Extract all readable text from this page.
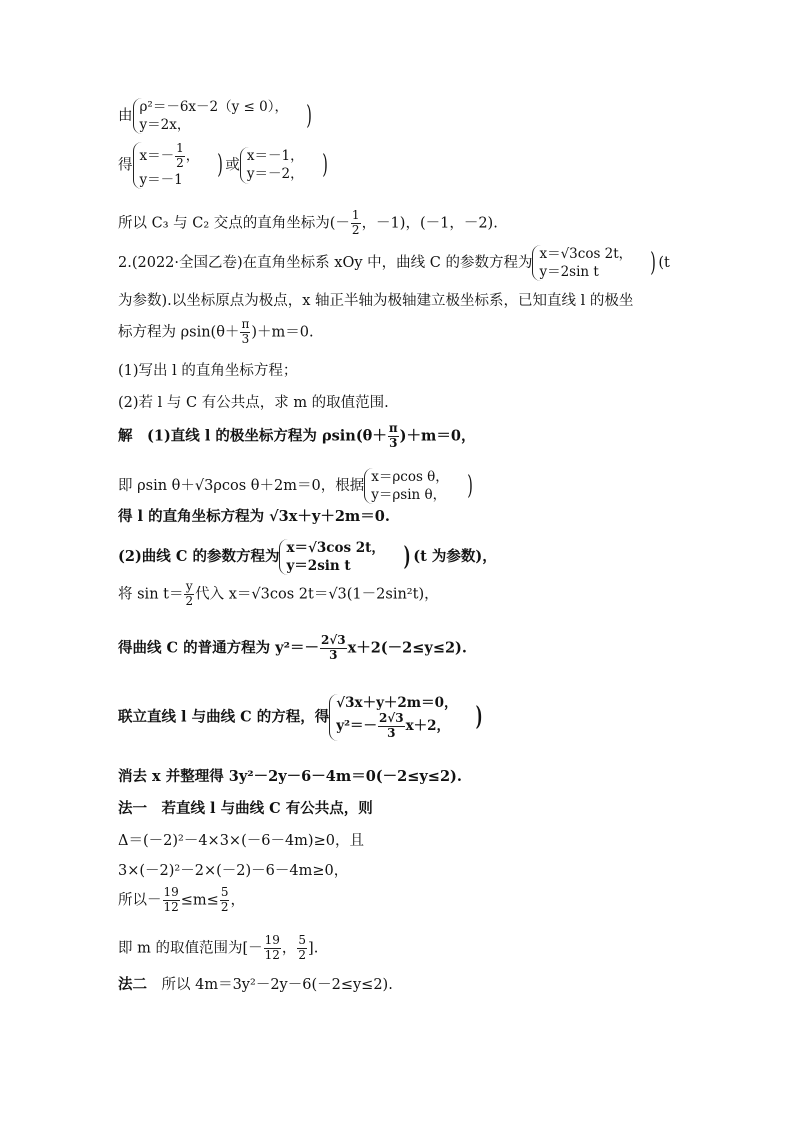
由
ρ²＝－6x－2（y ≤ 0），
y＝2x，	)
得
$x=- \frac{1}{2}$ ，
y＝－1	) 或
x＝－1，
y＝－2， )
所以 C₃ 与 C₂ 交点的直角坐标为(－ $\frac{1}{2}$ ，－1)，(－1，－2).
2.(2022·全国乙卷)在直角坐标系 xOy 中，曲线 C 的参数方程为
x＝√3cos 2t，
y＝2sin t	) (t
为参数).以坐标原点为极点，x 轴正半轴为极轴建立极坐标系，已知直线 l 的极坐
标方程为 $\rho\sin(\theta+ \frac{\pi}{3} )+m=0$.
(1)写出 l 的直角坐标方程；
(2)若 l 与 C 有公共点，求 m 的取值范围.
解　(1)直线 l 的极坐标方程为 $\rho\sin(\theta+ \frac{\pi}{3} )+m=0$，
即 ρsin θ＋√3ρcos θ＋2m＝0，根据
x＝ρcos θ，
y＝ρsin θ， )
得 l 的直角坐标方程为 √3x＋y＋2m＝0.
(2)曲线 C 的参数方程为
x＝√3cos 2t，
y＝2sin t	) (t 为参数)，
将 $\sin t= \frac{y}{2}$ 代入 x＝√3cos 2t＝√3(1－2sin²t)，
得曲线 C 的普通方程为 $y^2=- \frac{2√3}{3} x+2(-2\le y\le 2)$.
联立直线 l 与曲线 C 的方程，得
√3x＋y＋2m＝0，
$y^2=- \frac{2√3}{3} x+2$， )
消去 x 并整理得 3y²－2y－6－4m＝0(－2≤y≤2).
法一　若直线 l 与曲线 C 有公共点，则
Δ＝(－2)²－4×3×(－6－4m)≥0，且
3×(－2)²－2×(－2)－6－4m≥0，
所以－ $\frac{19}{12} \le m\le \frac{5}{2}$ ，
即 m 的取值范围为[－ $\frac{19}{12}$ ， $\frac{5}{2}$ ].
法二　所以 4m＝3y²－2y－6(－2≤y≤2).
